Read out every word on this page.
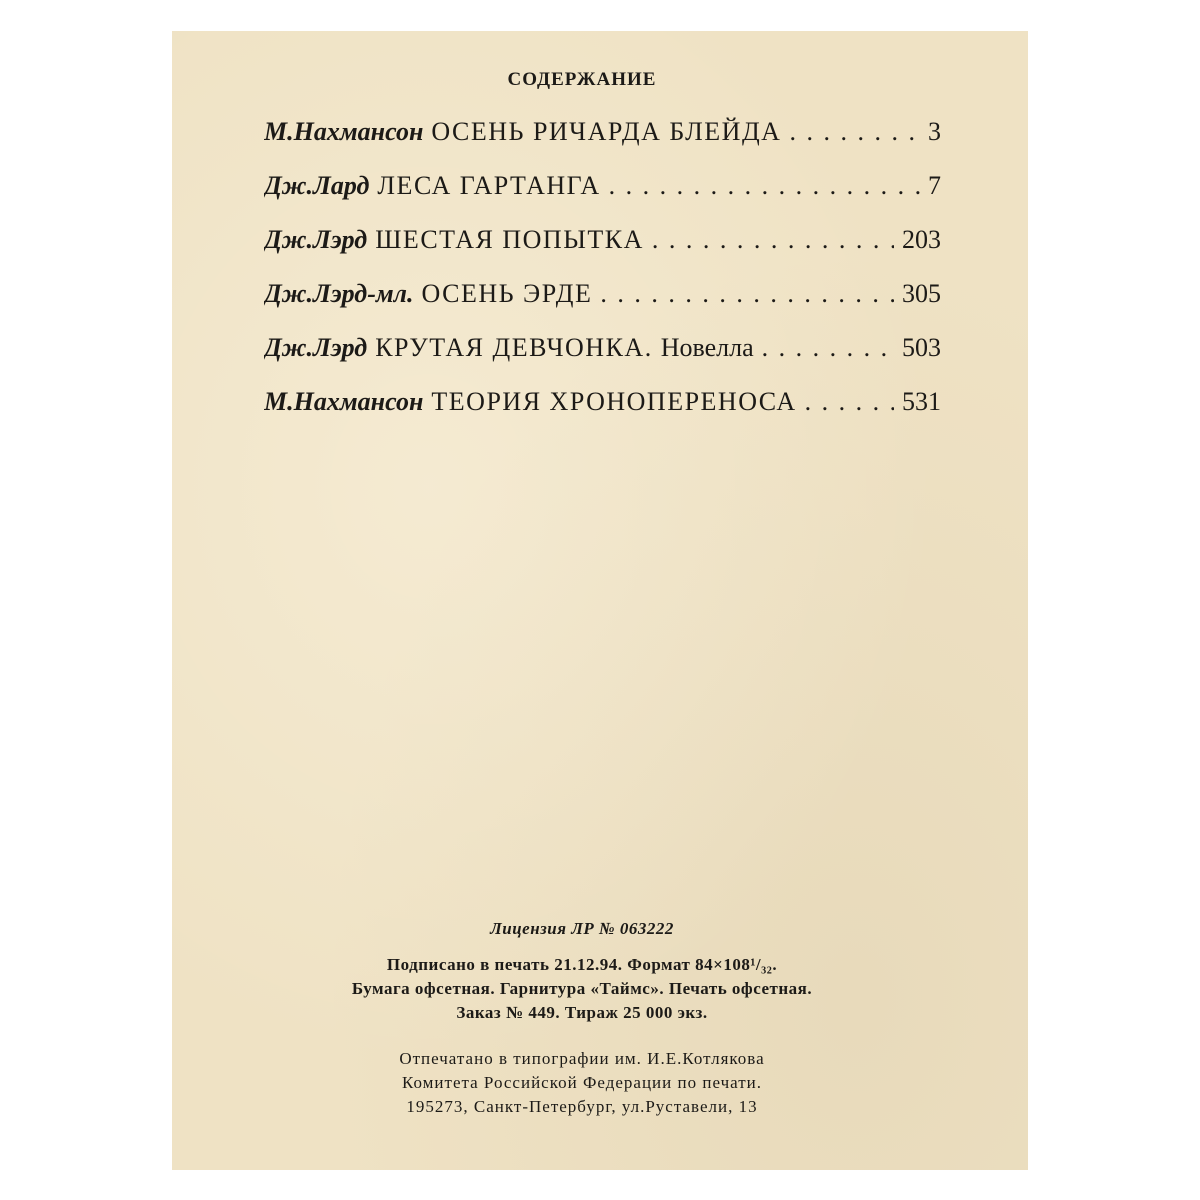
СОДЕРЖАНИЕ
М.Нахмансон ОСЕНЬ РИЧАРДА БЛЕЙДА . . .	3
Дж.Лард ЛЕСА ГАРТАНГА . . .	7
Дж.Лэрд ШЕСТАЯ ПОПЫТКА . . .	203
Дж.Лэрд-мл. ОСЕНЬ ЭРДЕ . . .	305
Дж.Лэрд КРУТАЯ ДЕВЧОНКА. Новелла . . .	503
М.Нахмансон ТЕОРИЯ ХРОНОПЕРЕНОСА . . .	531

Лицензия ЛР № 063222

Подписано в печать 21.12.94. Формат 84×108¹/₃₂.
Бумага офсетная. Гарнитура «Таймс». Печать офсетная.
Заказ № 449. Тираж 25 000 экз.

Отпечатано в типографии им. И.Е.Котлякова
Комитета Российской Федерации по печати.
195273, Санкт-Петербург, ул.Руставели, 13
